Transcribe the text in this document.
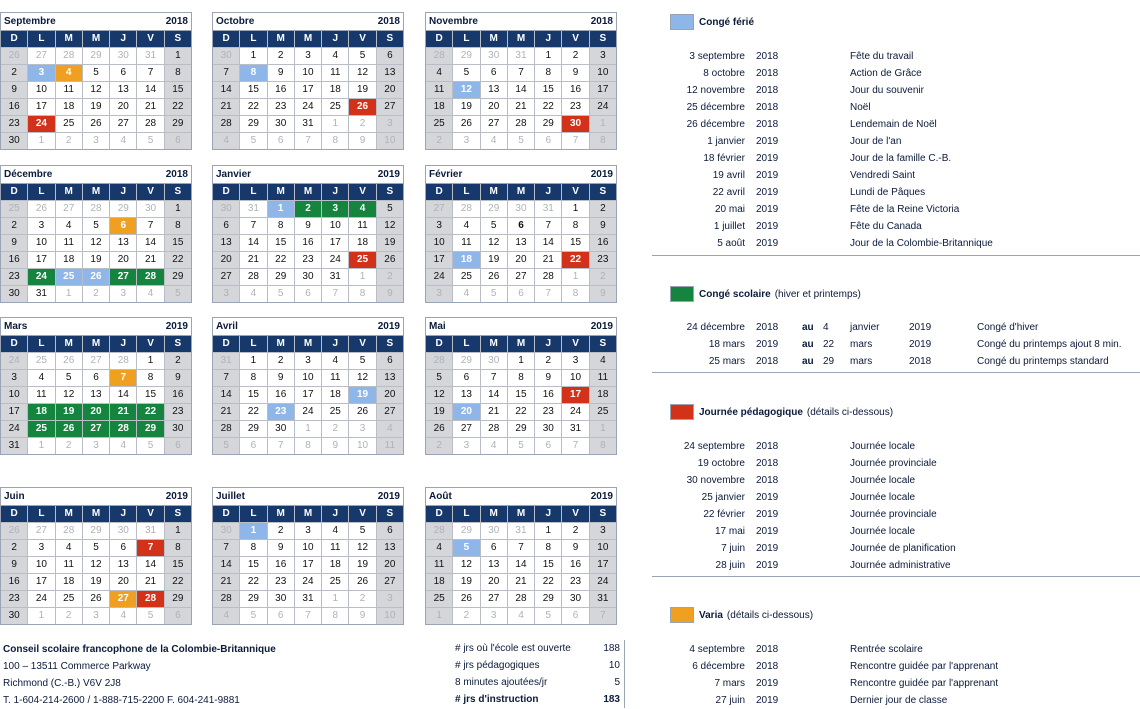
Septembre	2018
D	L	M	M	J	V	S
26	27	28	29	30	31	1
2	3	4	5	6	7	8
9	10	11	12	13	14	15
16	17	18	19	20	21	22
23	24	25	26	27	28	29
30	1	2	3	4	5	6
Octobre	2018
D	L	M	M	J	V	S
30	1	2	3	4	5	6
7	8	9	10	11	12	13
14	15	16	17	18	19	20
21	22	23	24	25	26	27
28	29	30	31	1	2	3
4	5	6	7	8	9	10
Novembre	2018
D	L	M	M	J	V	S
28	29	30	31	1	2	3
4	5	6	7	8	9	10
11	12	13	14	15	16	17
18	19	20	21	22	23	24
25	26	27	28	29	30	1
2	3	4	5	6	7	8
Décembre	2018
D	L	M	M	J	V	S
25	26	27	28	29	30	1
2	3	4	5	6	7	8
9	10	11	12	13	14	15
16	17	18	19	20	21	22
23	24	25	26	27	28	29
30	31	1	2	3	4	5
Janvier	2019
D	L	M	M	J	V	S
30	31	1	2	3	4	5
6	7	8	9	10	11	12
13	14	15	16	17	18	19
20	21	22	23	24	25	26
27	28	29	30	31	1	2
3	4	5	6	7	8	9
Février	2019
D	L	M	M	J	V	S
27	28	29	30	31	1	2
3	4	5	6	7	8	9
10	11	12	13	14	15	16
17	18	19	20	21	22	23
24	25	26	27	28	1	2
3	4	5	6	7	8	9
Mars	2019
D	L	M	M	J	V	S
24	25	26	27	28	1	2
3	4	5	6	7	8	9
10	11	12	13	14	15	16
17	18	19	20	21	22	23
24	25	26	27	28	29	30
31	1	2	3	4	5	6
Avril	2019
D	L	M	M	J	V	S
31	1	2	3	4	5	6
7	8	9	10	11	12	13
14	15	16	17	18	19	20
21	22	23	24	25	26	27
28	29	30	1	2	3	4
5	6	7	8	9	10	11
Mai	2019
D	L	M	M	J	V	S
28	29	30	1	2	3	4
5	6	7	8	9	10	11
12	13	14	15	16	17	18
19	20	21	22	23	24	25
26	27	28	29	30	31	1
2	3	4	5	6	7	8
Juin	2019
D	L	M	M	J	V	S
26	27	28	29	30	31	1
2	3	4	5	6	7	8
9	10	11	12	13	14	15
16	17	18	19	20	21	22
23	24	25	26	27	28	29
30	1	2	3	4	5	6
Juillet	2019
D	L	M	M	J	V	S
30	1	2	3	4	5	6
7	8	9	10	11	12	13
14	15	16	17	18	19	20
21	22	23	24	25	26	27
28	29	30	31	1	2	3
4	5	6	7	8	9	10
Août	2019
D	L	M	M	J	V	S
28	29	30	31	1	2	3
4	5	6	7	8	9	10
11	12	13	14	15	16	17
18	19	20	21	22	23	24
25	26	27	28	29	30	31
1	2	3	4	5	6	7
Congé férié
3 septembre 2018	Fête du travail
8 octobre 2018	Action de Grâce
12 novembre 2018	Jour du souvenir
25 décembre 2018	Noël
26 décembre 2018	Lendemain de Noël
1 janvier 2019	Jour de l'an
18 février 2019	Jour de la famille C.-B.
19 avril 2019	Vendredi Saint
22 avril 2019	Lundi de Pâques
20 mai 2019	Fête de la Reine Victoria
1 juillet 2019	Fête du Canada
5 août 2019	Jour de la Colombie-Britannique
Congé scolaire (hiver et printemps)
24 décembre 2018 au 4 janvier	2019	Congé d'hiver
18 mars 2019 au 22 mars	2019	Congé du printemps ajout 8 min.
25 mars 2018 au 29 mars	2018	Congé du printemps standard
Journée pédagogique (détails ci-dessous)
24 septembre 2018	Journée locale
19 octobre 2018	Journée provinciale
30 novembre 2018	Journée locale
25 janvier 2019	Journée locale
22 février 2019	Journée provinciale
17 mai 2019	Journée locale
7 juin 2019	Journée de planification
28 juin 2019	Journée administrative
Varia (détails ci-dessous)
4 septembre 2018	Rentrée scolaire
6 décembre 2018	Rencontre guidée par l'apprenant
7 mars 2019	Rencontre guidée par l'apprenant
27 juin 2019	Dernier jour de classe
Conseil scolaire francophone de la Colombie-Britannique
100 – 13511 Commerce Parkway
Richmond (C.-B.) V6V 2J8
T. 1-604-214-2600 / 1-888-715-2200 F. 604-241-9881
# jrs où l'école est ouverte	188
# jrs pédagogiques	10
8 minutes ajoutées/jr	5
# jrs d'instruction	183
